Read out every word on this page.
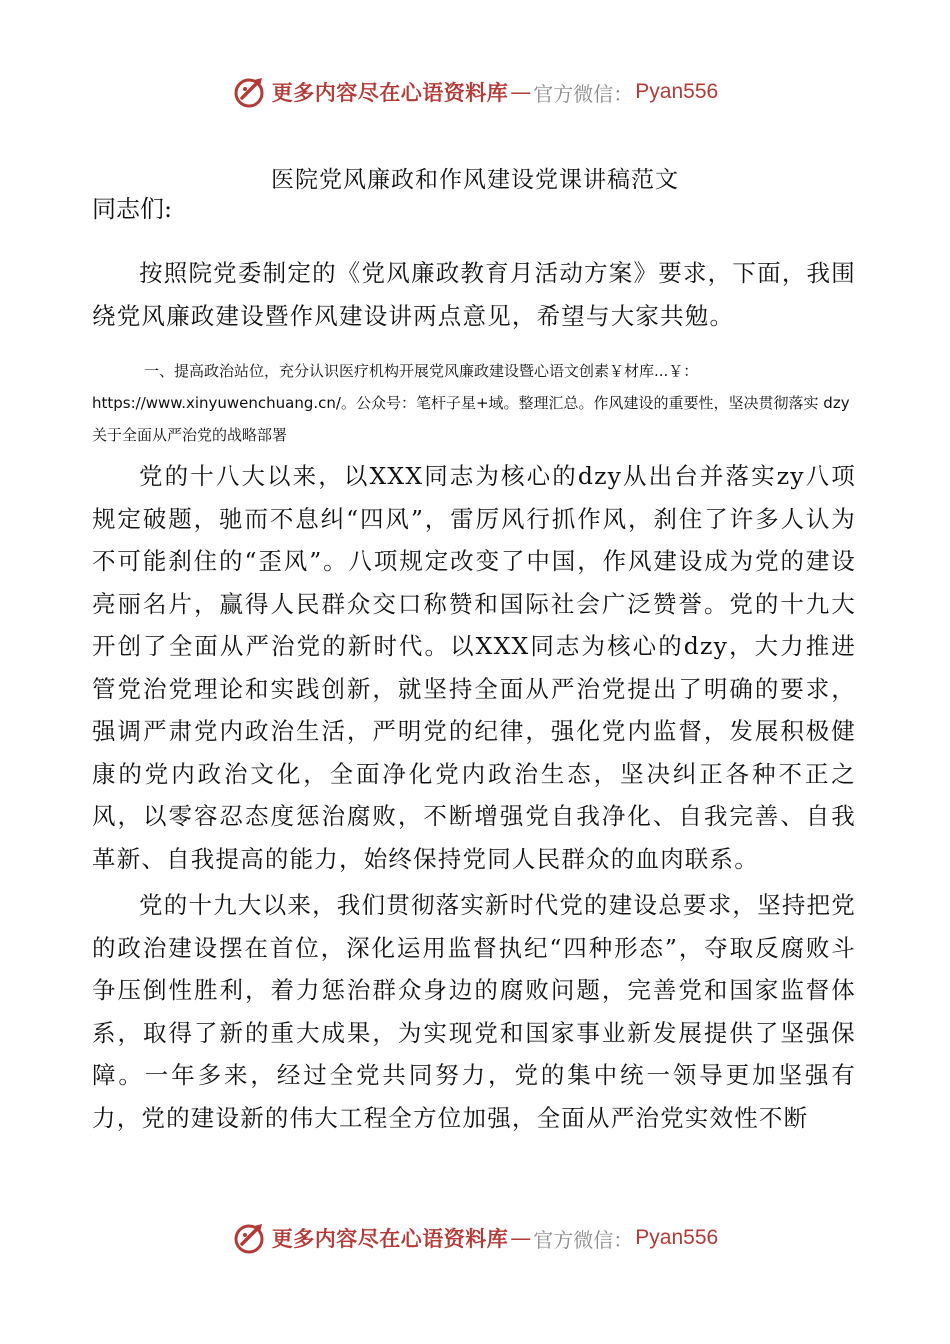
更多内容尽在心语资料库 — 官方微信： Pyan556
医院党风廉政和作风建设党课讲稿范文

同志们:

按照院党委制定的《党风廉政教育月活动方案》要求，下面，我围绕党风廉政建设暨作风建设讲两点意见，希望与大家共勉。

一、提高政治站位，充分认识医疗机构开展党风廉政建设暨心语文创素￥材库...￥：
https://www.xinyuwenchuang.cn/。公众号：笔杆子星+域。整理汇总。作风建设的重要性，坚决贯彻落实 dzy 关于全面从严治党的战略部署

党的十八大以来，以XXX同志为核心的dzy从出台并落实zy八项规定破题，驰而不息纠“四风”，雷厉风行抓作风，刹住了许多人认为不可能刹住的“歪风”。八项规定改变了中国，作风建设成为党的建设亮丽名片，赢得人民群众交口称赞和国际社会广泛赞誉。党的十九大开创了全面从严治党的新时代。以XXX同志为核心的dzy，大力推进管党治党理论和实践创新，就坚持全面从严治党提出了明确的要求，强调严肃党内政治生活，严明党的纪律，强化党内监督，发展积极健康的党内政治文化，全面净化党内政治生态，坚决纠正各种不正之风，以零容忍态度惩治腐败，不断增强党自我净化、自我完善、自我革新、自我提高的能力，始终保持党同人民群众的血肉联系。

党的十九大以来，我们贯彻落实新时代党的建设总要求，坚持把党的政治建设摆在首位，深化运用监督执纪“四种形态”，夺取反腐败斗争压倒性胜利，着力惩治群众身边的腐败问题，完善党和国家监督体系，取得了新的重大成果，为实现党和国家事业新发展提供了坚强保障。一年多来，经过全党共同努力，党的集中统一领导更加坚强有力，党的建设新的伟大工程全方位加强，全面从严治党实效性不断

更多内容尽在心语资料库 — 官方微信： Pyan556
